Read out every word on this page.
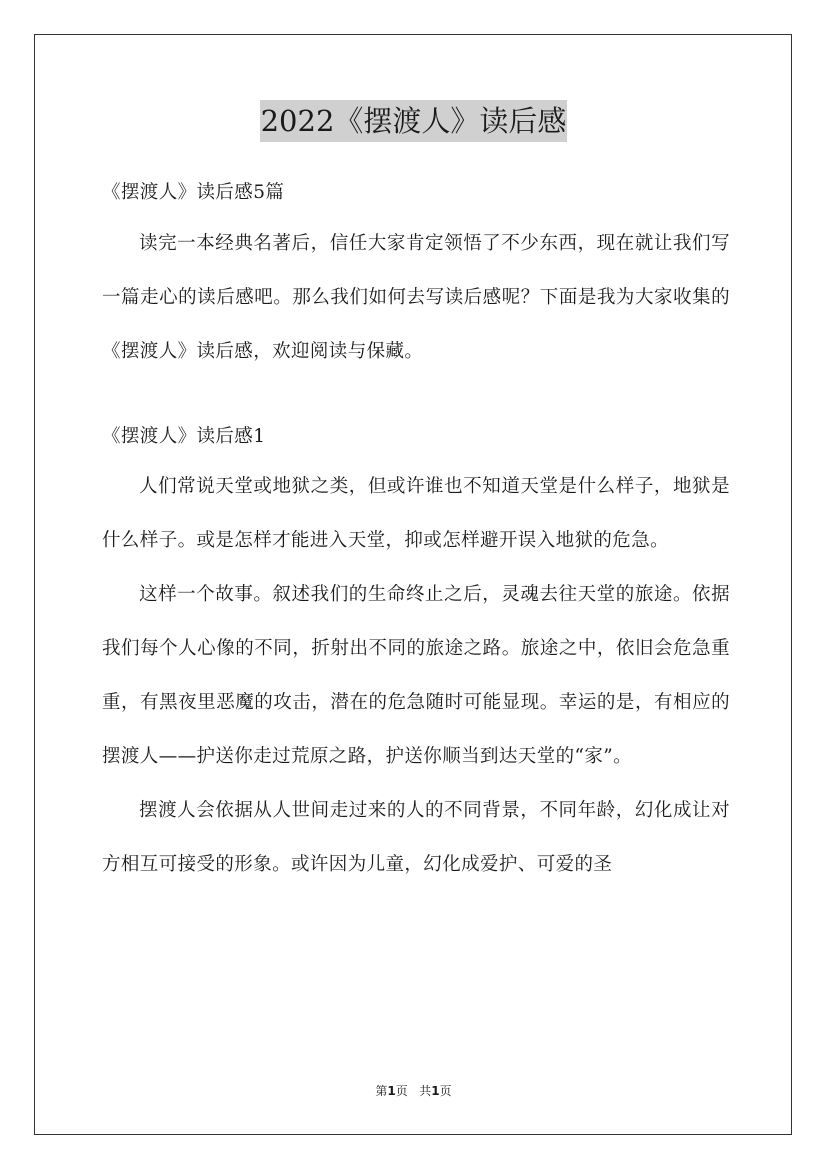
2022《摆渡人》读后感
《摆渡人》读后感5篇

读完一本经典名著后，信任大家肯定领悟了不少东西，现在就让我们写一篇走心的读后感吧。那么我们如何去写读后感呢？下面是我为大家收集的《摆渡人》读后感，欢迎阅读与保藏。

《摆渡人》读后感1

人们常说天堂或地狱之类，但或许谁也不知道天堂是什么样子，地狱是什么样子。或是怎样才能进入天堂，抑或怎样避开误入地狱的危急。

这样一个故事。叙述我们的生命终止之后，灵魂去往天堂的旅途。依据我们每个人心像的不同，折射出不同的旅途之路。旅途之中，依旧会危急重重，有黑夜里恶魔的攻击，潜在的危急随时可能显现。幸运的是，有相应的摆渡人——护送你走过荒原之路，护送你顺当到达天堂的“家”。

摆渡人会依据从人世间走过来的人的不同背景，不同年龄，幻化成让对方相互可接受的形象。或许因为儿童，幻化成爱护、可爱的圣

第1页 共1页
